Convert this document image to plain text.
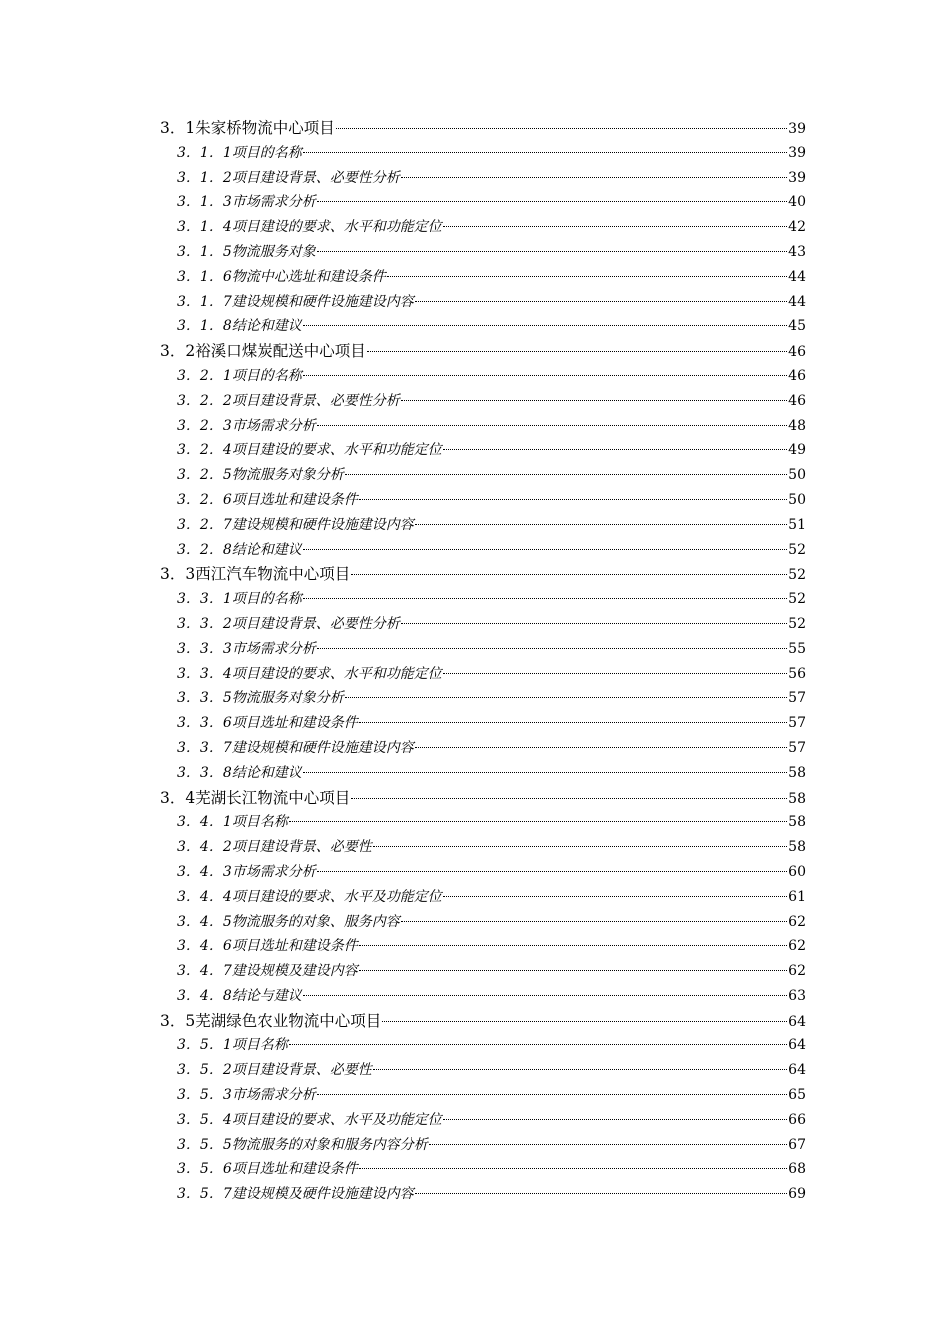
3．1朱家桥物流中心项目	39
3．1．1项目的名称	39
3．1．2项目建设背景、必要性分析	39
3．1．3市场需求分析	40
3．1．4项目建设的要求、水平和功能定位	42
3．1．5物流服务对象	43
3．1．6物流中心选址和建设条件	44
3．1．7建设规模和硬件设施建设内容	44
3．1．8结论和建议	45
3．2裕溪口煤炭配送中心项目	46
3．2．1项目的名称	46
3．2．2项目建设背景、必要性分析	46
3．2．3市场需求分析	48
3．2．4项目建设的要求、水平和功能定位	49
3．2．5物流服务对象分析	50
3．2．6项目选址和建设条件	50
3．2．7建设规模和硬件设施建设内容	51
3．2．8结论和建议	52
3．3西江汽车物流中心项目	52
3．3．1项目的名称	52
3．3．2项目建设背景、必要性分析	52
3．3．3市场需求分析	55
3．3．4项目建设的要求、水平和功能定位	56
3．3．5物流服务对象分析	57
3．3．6项目选址和建设条件	57
3．3．7建设规模和硬件设施建设内容	57
3．3．8结论和建议	58
3．4芜湖长江物流中心项目	58
3．4．1项目名称	58
3．4．2项目建设背景、必要性	58
3．4．3市场需求分析	60
3．4．4项目建设的要求、水平及功能定位	61
3．4．5物流服务的对象、服务内容	62
3．4．6项目选址和建设条件	62
3．4．7建设规模及建设内容	62
3．4．8结论与建议	63
3．5芜湖绿色农业物流中心项目	64
3．5．1项目名称	64
3．5．2项目建设背景、必要性	64
3．5．3市场需求分析	65
3．5．4项目建设的要求、水平及功能定位	66
3．5．5物流服务的对象和服务内容分析	67
3．5．6项目选址和建设条件	68
3．5．7建设规模及硬件设施建设内容	69
